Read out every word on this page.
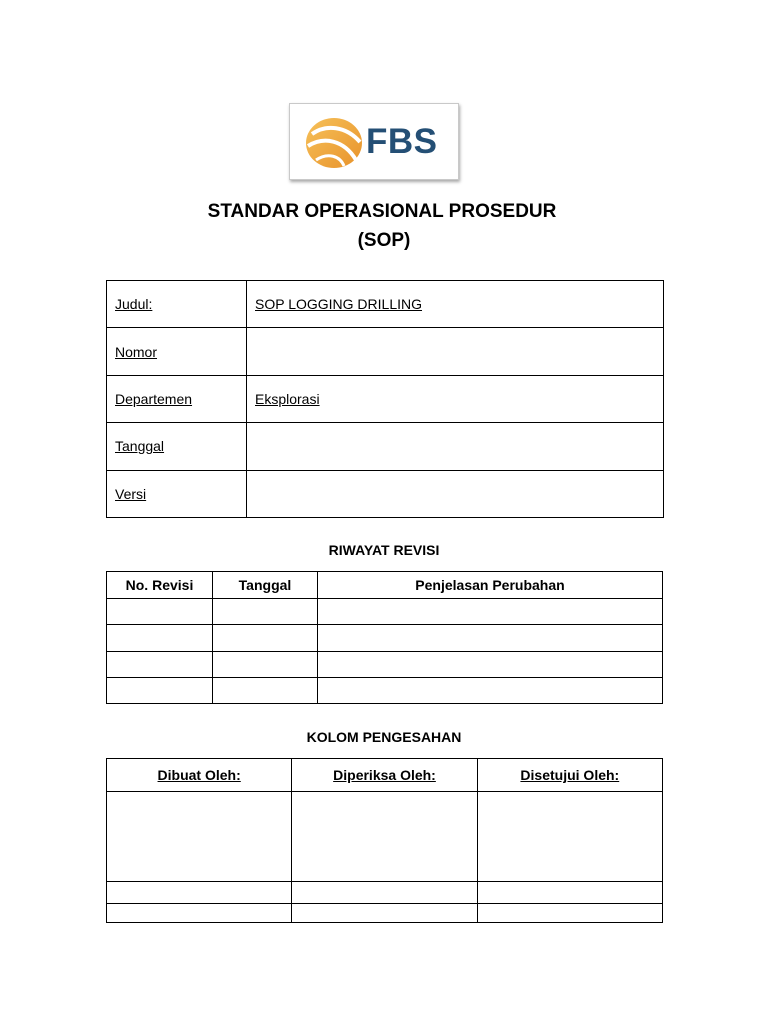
FBS
STANDAR OPERASIONAL PROSEDUR
(SOP)
Judul:	SOP LOGGING DRILLING
Nomor	
Departemen	Eksplorasi
Tanggal	
Versi	
RIWAYAT REVISI
No. Revisi	Tanggal	Penjelasan Perubahan

KOLOM PENGESAHAN
Dibuat Oleh:	Diperiksa Oleh:	Disetujui Oleh:
